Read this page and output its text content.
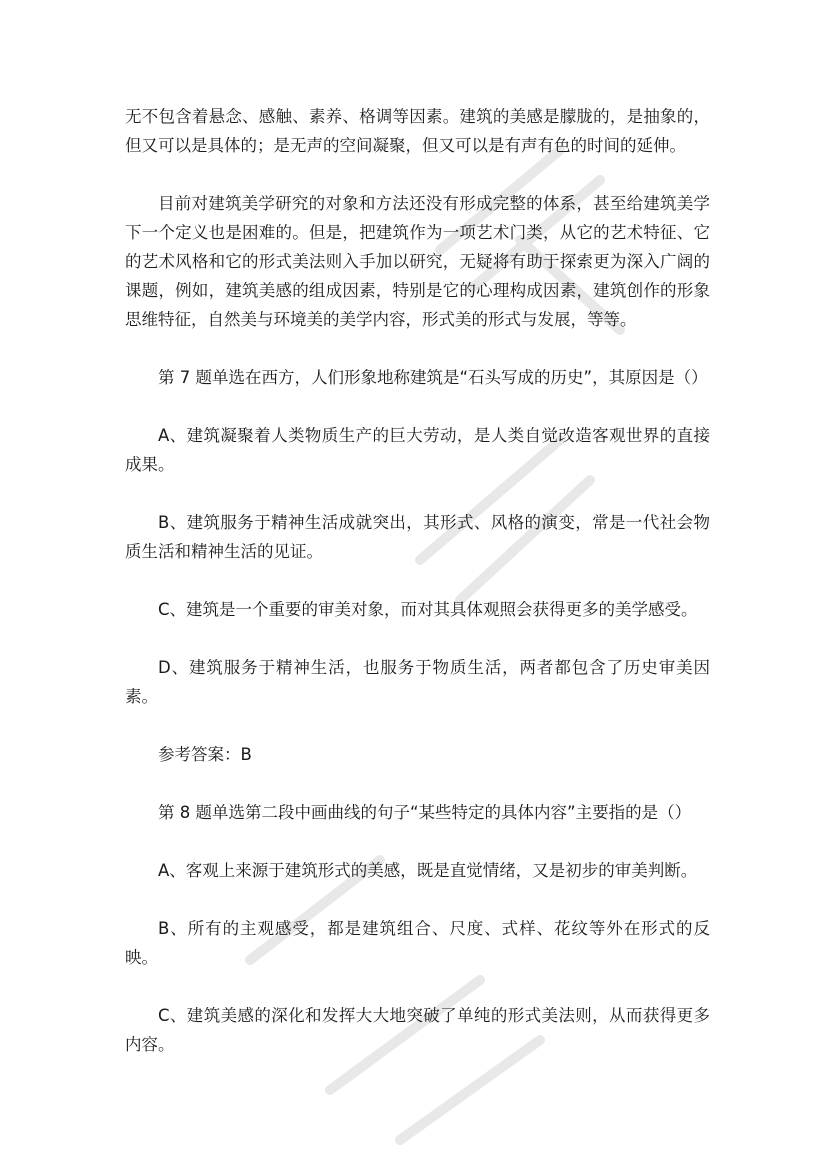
无不包含着悬念、感触、素养、格调等因素。建筑的美感是朦胧的，是抽象的，但又可以是具体的；是无声的空间凝聚，但又可以是有声有色的时间的延伸。

目前对建筑美学研究的对象和方法还没有形成完整的体系，甚至给建筑美学下一个定义也是困难的。但是，把建筑作为一项艺术门类，从它的艺术特征、它的艺术风格和它的形式美法则入手加以研究，无疑将有助于探索更为深入广阔的课题，例如，建筑美感的组成因素，特别是它的心理构成因素，建筑创作的形象思维特征，自然美与环境美的美学内容，形式美的形式与发展，等等。

第 7 题单选在西方，人们形象地称建筑是“石头写成的历史”，其原因是（）

A、建筑凝聚着人类物质生产的巨大劳动，是人类自觉改造客观世界的直接成果。

B、建筑服务于精神生活成就突出，其形式、风格的演变，常是一代社会物质生活和精神生活的见证。

C、建筑是一个重要的审美对象，而对其具体观照会获得更多的美学感受。

D、建筑服务于精神生活，也服务于物质生活，两者都包含了历史审美因素。

参考答案：B

第 8 题单选第二段中画曲线的句子“某些特定的具体内容”主要指的是（）

A、客观上来源于建筑形式的美感，既是直觉情绪，又是初步的审美判断。

B、所有的主观感受，都是建筑组合、尺度、式样、花纹等外在形式的反映。

C、建筑美感的深化和发挥大大地突破了单纯的形式美法则，从而获得更多内容。
